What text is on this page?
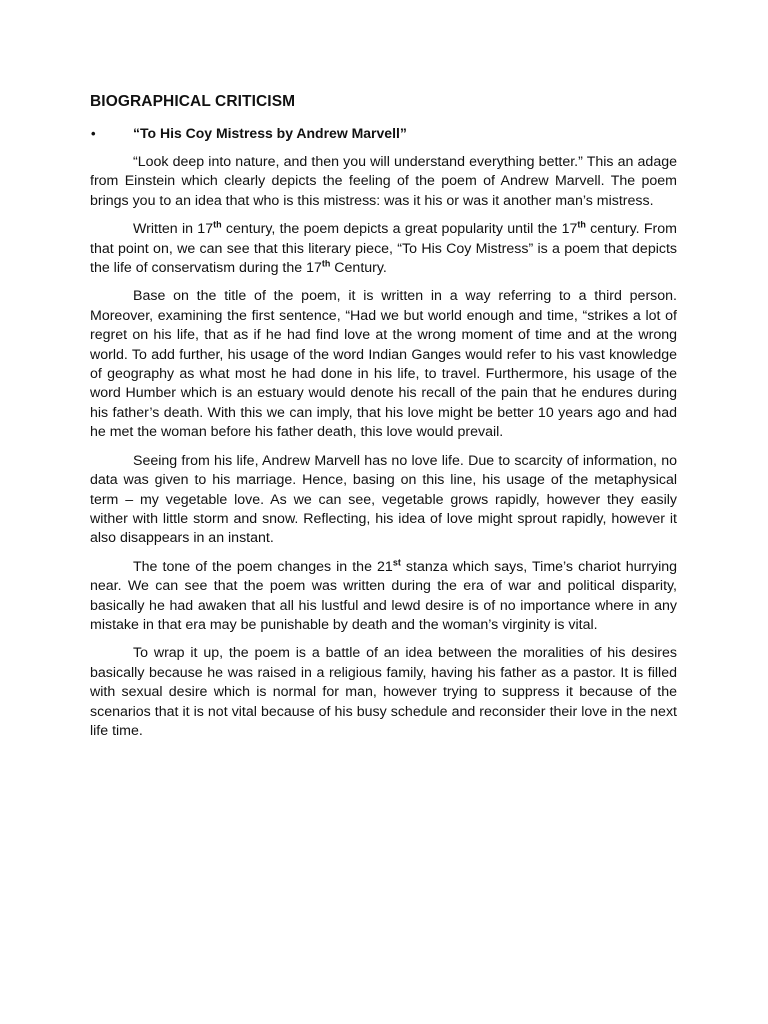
BIOGRAPHICAL CRITICISM
•	“To His Coy Mistress by Andrew Marvell”

“Look deep into nature, and then you will understand everything better.” This an adage from Einstein which clearly depicts the feeling of the poem of Andrew Marvell. The poem brings you to an idea that who is this mistress: was it his or was it another man’s mistress.

Written in 17th century, the poem depicts a great popularity until the 17th century. From that point on, we can see that this literary piece, “To His Coy Mistress” is a poem that depicts the life of conservatism during the 17th Century.

Base on the title of the poem, it is written in a way referring to a third person. Moreover, examining the first sentence, “Had we but world enough and time, “strikes a lot of regret on his life, that as if he had find love at the wrong moment of time and at the wrong world. To add further, his usage of the word Indian Ganges would refer to his vast knowledge of geography as what most he had done in his life, to travel. Furthermore, his usage of the word Humber which is an estuary would denote his recall of the pain that he endures during his father’s death. With this we can imply, that his love might be better 10 years ago and had he met the woman before his father death, this love would prevail.

Seeing from his life, Andrew Marvell has no love life. Due to scarcity of information, no data was given to his marriage. Hence, basing on this line, his usage of the metaphysical term – my vegetable love. As we can see, vegetable grows rapidly, however they easily wither with little storm and snow. Reflecting, his idea of love might sprout rapidly, however it also disappears in an instant.

The tone of the poem changes in the 21st stanza which says, Time’s chariot hurrying near. We can see that the poem was written during the era of war and political disparity, basically he had awaken that all his lustful and lewd desire is of no importance where in any mistake in that era may be punishable by death and the woman’s virginity is vital.

To wrap it up, the poem is a battle of an idea between the moralities of his desires basically because he was raised in a religious family, having his father as a pastor. It is filled with sexual desire which is normal for man, however trying to suppress it because of the scenarios that it is not vital because of his busy schedule and reconsider their love in the next life time.
